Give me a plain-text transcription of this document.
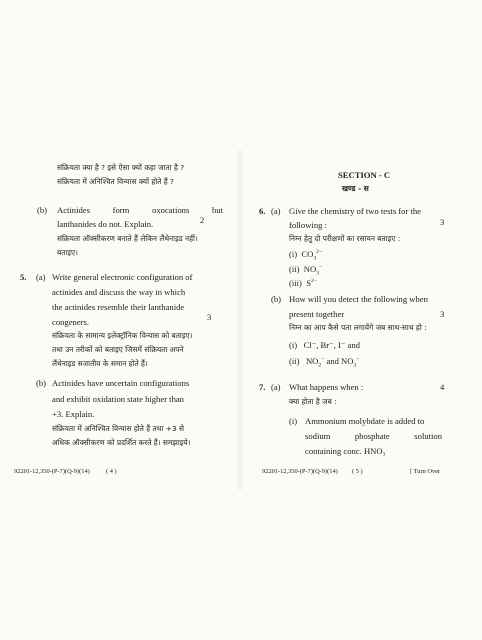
संक्रियता क्या है ? इसे ऐसा क्यों कहा जाता है ?
संक्रियता में अनिश्चित विन्यास क्यों होते हैं ?
(b) Actinides	form	oxocations	but
lanthanides do not. Explain.	2
संक्रियता ऑक्सीकरण बनाते हैं लेकिन लैंथेनाइड नहीं।
बताइए।
5. (a) Write general electronic configuration of
actinides and discuss the way in which
the actinides resemble their lanthanide
congeners.	3
संक्रियता के सामान्य इलेक्ट्रॉनिक विन्यास को बताइए।
तथा उन तरीकों को बताइए जिसमें संक्रियता अपने
लैंथेनाइड सजातीय के समान होते हैं।
(b) Actinides have uncertain configurations
and exhibit oxidation state higher than
+3. Explain.
संक्रियता में अनिश्चित विन्यास होते हैं तथा +3 से
अधिक ऑक्सीकरण को प्रदर्शित करते हैं। समझाइये।
92201-12,350-(P-7)(Q-9)(14)	( 4 )
SECTION - C
खण्ड - स
6. (a) Give the chemistry of two tests for the
following :	3
निम्न हेतु दो परीक्षणों का रसायन बताइए :
(i) $CO_3^{2-}$
(ii) $NO_3^-$
(iii) $S^{2-}$
(b) How will you detect the following when
present together	3
निम्न का आप कैसे पता लगायेंगे जब साथ-साथ हो :
(i) Cl⁻, Br⁻, I⁻ and
(ii) $NO_2^-$ and $NO_3^-$
7. (a) What happens when :	4
क्या होता है जब :
(i) Ammonium molybdate is added to
sodium	phosphate	solution
containing conc. HNO₃
92201-12,350-(P-7)(Q-9)(14) ( 5 )	[ Turn Over
